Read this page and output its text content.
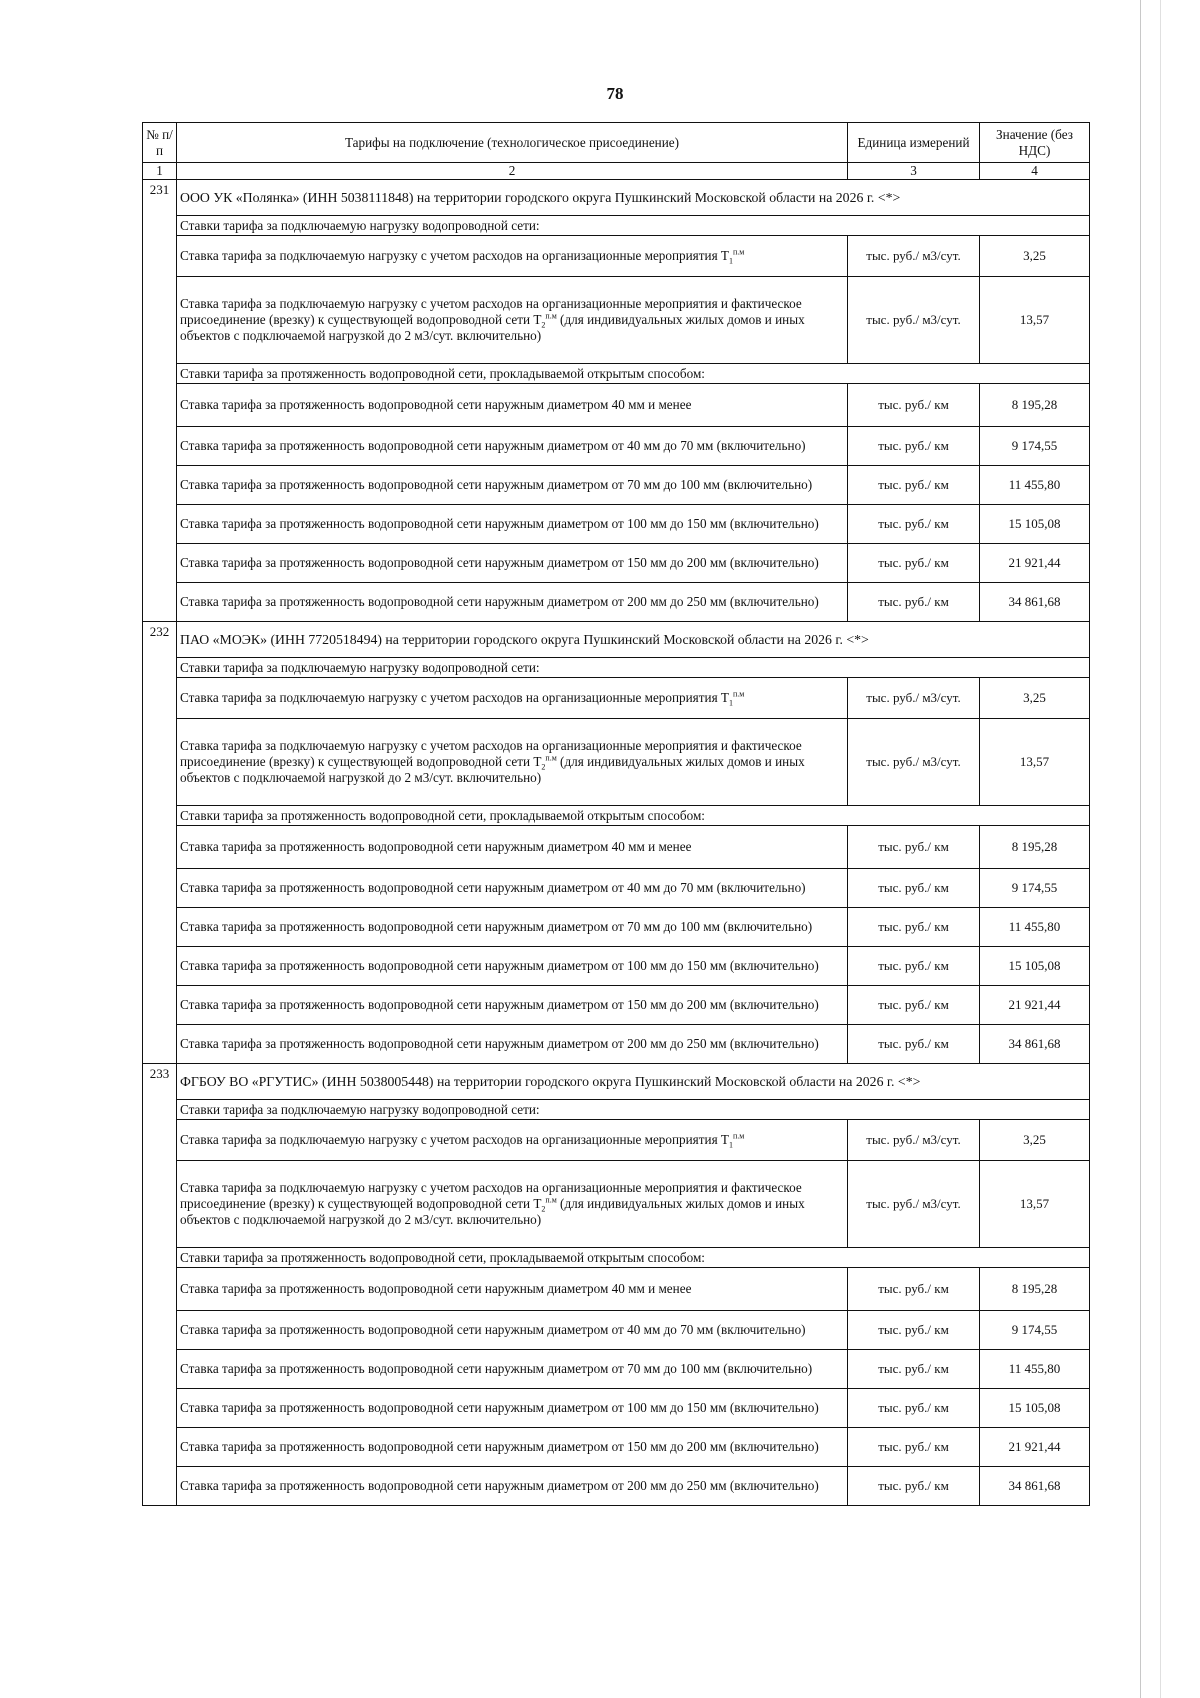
78
№ п/п	Тарифы на подключение (технологическое присоединение)	Единица измерений	Значение (без НДС)
1	2	3	4
231	ООО УК «Полянка» (ИНН 5038111848) на территории городского округа Пушкинский Московской области на 2026 г. <*>		
	Ставки тарифа за подключаемую нагрузку водопроводной сети:		
	Ставка тарифа за подключаемую нагрузку с учетом расходов на организационные мероприятия $T_1^{п.м}$	тыс. руб./ м3/сут.	3,25
	Ставка тарифа за подключаемую нагрузку с учетом расходов на организационные мероприятия и фактическое присоединение (врезку) к существующей водопроводной сети $T_2^{п.м}$ (для индивидуальных жилых домов и иных объектов с подключаемой нагрузкой до 2 м3/сут. включительно)	тыс. руб./ м3/сут.	13,57
	Ставки тарифа за протяженность водопроводной сети, прокладываемой открытым способом:		
	Ставка тарифа за протяженность водопроводной сети наружным диаметром 40 мм и менее	тыс. руб./ км	8 195,28
	Ставка тарифа за протяженность водопроводной сети наружным диаметром от 40 мм до 70 мм (включительно)	тыс. руб./ км	9 174,55
	Ставка тарифа за протяженность водопроводной сети наружным диаметром от 70 мм до 100 мм (включительно)	тыс. руб./ км	11 455,80
	Ставка тарифа за протяженность водопроводной сети наружным диаметром от 100 мм до 150 мм (включительно)	тыс. руб./ км	15 105,08
	Ставка тарифа за протяженность водопроводной сети наружным диаметром от 150 мм до 200 мм (включительно)	тыс. руб./ км	21 921,44
	Ставка тарифа за протяженность водопроводной сети наружным диаметром от 200 мм до 250 мм (включительно)	тыс. руб./ км	34 861,68
232	ПАО «МОЭК» (ИНН 7720518494) на территории городского округа Пушкинский Московской области на 2026 г. <*>		
	Ставки тарифа за подключаемую нагрузку водопроводной сети:		
	Ставка тарифа за подключаемую нагрузку с учетом расходов на организационные мероприятия $T_1^{п.м}$	тыс. руб./ м3/сут.	3,25
	Ставка тарифа за подключаемую нагрузку с учетом расходов на организационные мероприятия и фактическое присоединение (врезку) к существующей водопроводной сети $T_2^{п.м}$ (для индивидуальных жилых домов и иных объектов с подключаемой нагрузкой до 2 м3/сут. включительно)	тыс. руб./ м3/сут.	13,57
	Ставки тарифа за протяженность водопроводной сети, прокладываемой открытым способом:		
	Ставка тарифа за протяженность водопроводной сети наружным диаметром 40 мм и менее	тыс. руб./ км	8 195,28
	Ставка тарифа за протяженность водопроводной сети наружным диаметром от 40 мм до 70 мм (включительно)	тыс. руб./ км	9 174,55
	Ставка тарифа за протяженность водопроводной сети наружным диаметром от 70 мм до 100 мм (включительно)	тыс. руб./ км	11 455,80
	Ставка тарифа за протяженность водопроводной сети наружным диаметром от 100 мм до 150 мм (включительно)	тыс. руб./ км	15 105,08
	Ставка тарифа за протяженность водопроводной сети наружным диаметром от 150 мм до 200 мм (включительно)	тыс. руб./ км	21 921,44
	Ставка тарифа за протяженность водопроводной сети наружным диаметром от 200 мм до 250 мм (включительно)	тыс. руб./ км	34 861,68
233	ФГБОУ ВО «РГУТИС» (ИНН 5038005448) на территории городского округа Пушкинский Московской области на 2026 г. <*>		
	Ставки тарифа за подключаемую нагрузку водопроводной сети:		
	Ставка тарифа за подключаемую нагрузку с учетом расходов на организационные мероприятия $T_1^{п.м}$	тыс. руб./ м3/сут.	3,25
	Ставка тарифа за подключаемую нагрузку с учетом расходов на организационные мероприятия и фактическое присоединение (врезку) к существующей водопроводной сети $T_2^{п.м}$ (для индивидуальных жилых домов и иных объектов с подключаемой нагрузкой до 2 м3/сут. включительно)	тыс. руб./ м3/сут.	13,57
	Ставки тарифа за протяженность водопроводной сети, прокладываемой открытым способом:		
	Ставка тарифа за протяженность водопроводной сети наружным диаметром 40 мм и менее	тыс. руб./ км	8 195,28
	Ставка тарифа за протяженность водопроводной сети наружным диаметром от 40 мм до 70 мм (включительно)	тыс. руб./ км	9 174,55
	Ставка тарифа за протяженность водопроводной сети наружным диаметром от 70 мм до 100 мм (включительно)	тыс. руб./ км	11 455,80
	Ставка тарифа за протяженность водопроводной сети наружным диаметром от 100 мм до 150 мм (включительно)	тыс. руб./ км	15 105,08
	Ставка тарифа за протяженность водопроводной сети наружным диаметром от 150 мм до 200 мм (включительно)	тыс. руб./ км	21 921,44
	Ставка тарифа за протяженность водопроводной сети наружным диаметром от 200 мм до 250 мм (включительно)	тыс. руб./ км	34 861,68
